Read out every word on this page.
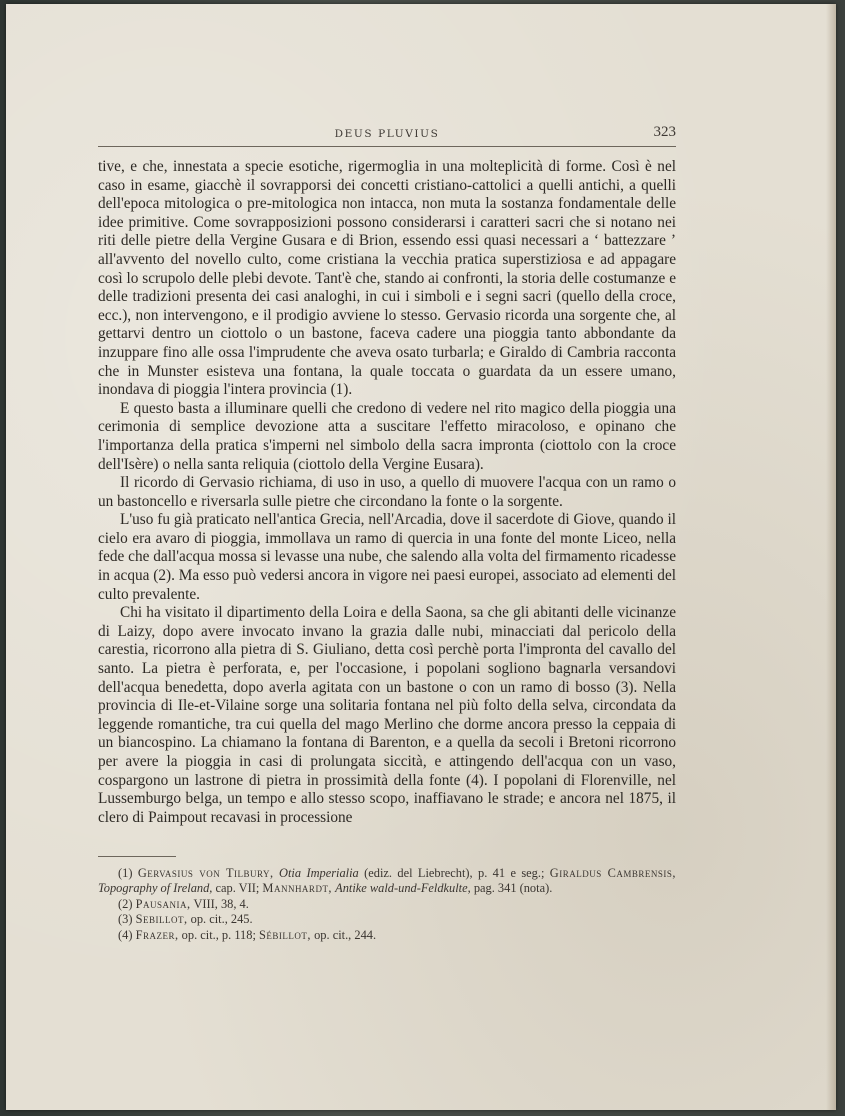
DEUS PLUVIUS	323

tive, e che, innestata a specie esotiche, rigermoglia in una molteplicità di forme. Così è nel caso in esame, giacchè il sovrapporsi dei concetti cristiano-cattolici a quelli antichi, a quelli dell'epoca mitologica o pre-mitologica non intacca, non muta la sostanza fondamentale delle idee primitive. Come sovrapposizioni possono considerarsi i caratteri sacri che si notano nei riti delle pietre della Vergine Gusara e di Brion, essendo essi quasi necessari a ‘ battezzare ’ all'avvento del novello culto, come cristiana la vecchia pratica superstiziosa e ad appagare così lo scrupolo delle plebi devote. Tant'è che, stando ai confronti, la storia delle costumanze e delle tradizioni presenta dei casi analoghi, in cui i simboli e i segni sacri (quello della croce, ecc.), non intervengono, e il prodigio avviene lo stesso. Gervasio ricorda una sorgente che, al gettarvi dentro un ciottolo o un bastone, faceva cadere una pioggia tanto abbondante da inzuppare fino alle ossa l'imprudente che aveva osato turbarla; e Giraldo di Cambria racconta che in Munster esisteva una fontana, la quale toccata o guardata da un essere umano, inondava di pioggia l'intera provincia (1).

E questo basta a illuminare quelli che credono di vedere nel rito magico della pioggia una cerimonia di semplice devozione atta a suscitare l'effetto miracoloso, e opinano che l'importanza della pratica s'imperni nel simbolo della sacra impronta (ciottolo con la croce dell'Isère) o nella santa reliquia (ciottolo della Vergine Eusara).

Il ricordo di Gervasio richiama, di uso in uso, a quello di muovere l'acqua con un ramo o un bastoncello e riversarla sulle pietre che circondano la fonte o la sorgente.

L'uso fu già praticato nell'antica Grecia, nell'Arcadia, dove il sacerdote di Giove, quando il cielo era avaro di pioggia, immollava un ramo di quercia in una fonte del monte Liceo, nella fede che dall'acqua mossa si levasse una nube, che salendo alla volta del firmamento ricadesse in acqua (2). Ma esso può vedersi ancora in vigore nei paesi europei, associato ad elementi del culto prevalente.

Chi ha visitato il dipartimento della Loira e della Saona, sa che gli abitanti delle vicinanze di Laizy, dopo avere invocato invano la grazia dalle nubi, minacciati dal pericolo della carestia, ricorrono alla pietra di S. Giuliano, detta così perchè porta l'impronta del cavallo del santo. La pietra è perforata, e, per l'occasione, i popolani sogliono bagnarla versandovi dell'acqua benedetta, dopo averla agitata con un bastone o con un ramo di bosso (3). Nella provincia di Ile-et-Vilaine sorge una solitaria fontana nel più folto della selva, circondata da leggende romantiche, tra cui quella del mago Merlino che dorme ancora presso la ceppaia di un biancospino. La chiamano la fontana di Barenton, e a quella da secoli i Bretoni ricorrono per avere la pioggia in casi di prolungata siccità, e attingendo dell'acqua con un vaso, cospargono un lastrone di pietra in prossimità della fonte (4). I popolani di Florenville, nel Lussemburgo belga, un tempo e allo stesso scopo, inaffiavano le strade; e ancora nel 1875, il clero di Paimpout recavasi in processione

(1) Gervasius von Tilbury, Otia Imperialia (ediz. del Liebrecht), p. 41 e seg.; Giraldus Cambrensis, Topography of Ireland, cap. VII; Mannhardt, Antike wald-und-Feldkulte, pag. 341 (nota).

(2) Pausania, VIII, 38, 4.

(3) Sebillot, op. cit., 245.

(4) Frazer, op. cit., p. 118; Sébillot, op. cit., 244.
